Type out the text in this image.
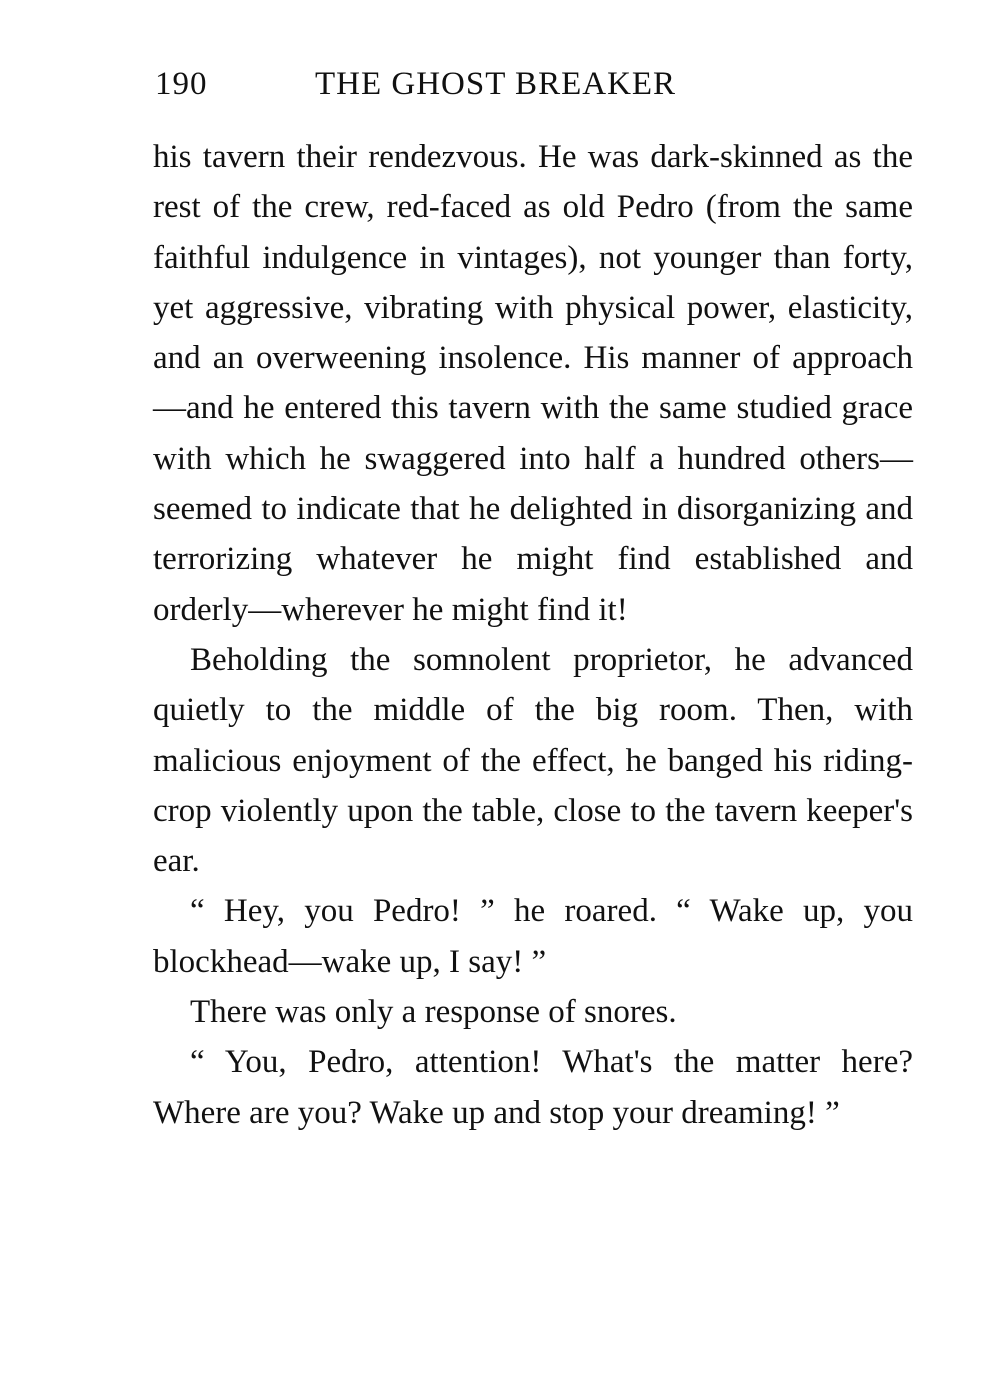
190	THE GHOST BREAKER

his tavern their rendezvous. He was dark-skinned as the rest of the crew, red-faced as old Pedro (from the same faithful indulgence in vintages), not younger than forty, yet aggressive, vibrating with physical power, elasticity, and an overweening insolence. His manner of approach —and he entered this tavern with the same studied grace with which he swaggered into half a hundred others—seemed to indicate that he delighted in disorganizing and terrorizing whatever he might find established and orderly—wherever he might find it!

Beholding the somnolent proprietor, he advanced quietly to the middle of the big room. Then, with malicious enjoyment of the effect, he banged his riding-crop violently upon the table, close to the tavern keeper's ear.

“ Hey, you Pedro! ” he roared. “ Wake up, you blockhead—wake up, I say! ”

There was only a response of snores.

“ You, Pedro, attention! What's the matter here? Where are you? Wake up and stop your dreaming! ”
